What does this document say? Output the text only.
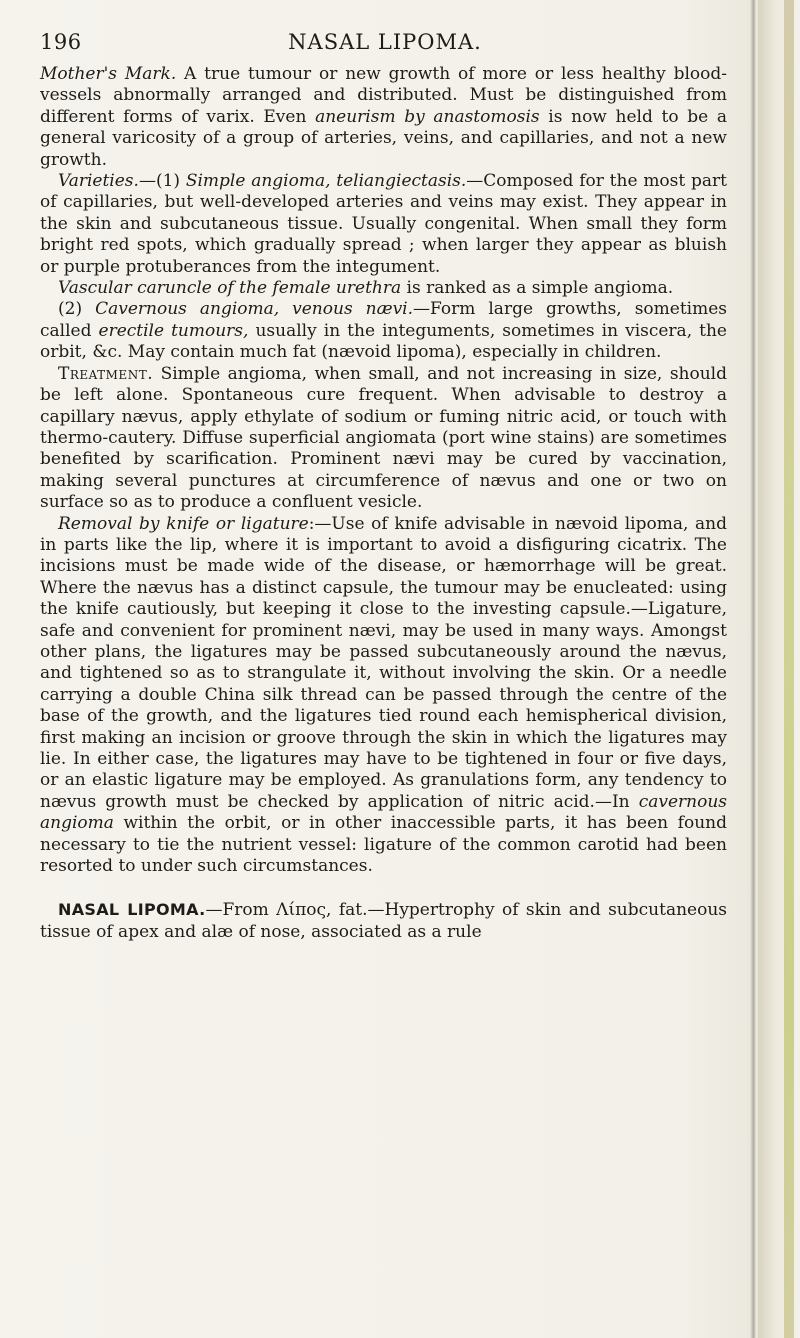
196	NASAL LIPOMA.

Mother's Mark. A true tumour or new growth of more or less healthy blood-vessels abnormally arranged and distributed. Must be distinguished from different forms of varix. Even aneurism by anastomosis is now held to be a general varicosity of a group of arteries, veins, and capillaries, and not a new growth.

Varieties.—(1) Simple angioma, teliangiectasis.—Composed for the most part of capillaries, but well-developed arteries and veins may exist. They appear in the skin and subcutaneous tissue. Usually congenital. When small they form bright red spots, which gradually spread ; when larger they appear as bluish or purple protuberances from the integument.

Vascular caruncle of the female urethra is ranked as a simple angioma.

(2) Cavernous angioma, venous nævi.—Form large growths, sometimes called erectile tumours, usually in the integuments, sometimes in viscera, the orbit, &c. May contain much fat (nævoid lipoma), especially in children.

Treatment. Simple angioma, when small, and not increasing in size, should be left alone. Spontaneous cure frequent. When advisable to destroy a capillary nævus, apply ethylate of sodium or fuming nitric acid, or touch with thermo-cautery. Diffuse superficial angiomata (port wine stains) are sometimes benefited by scarification. Prominent nævi may be cured by vaccination, making several punctures at circumference of nævus and one or two on surface so as to produce a confluent vesicle.

Removal by knife or ligature:—Use of knife advisable in nævoid lipoma, and in parts like the lip, where it is important to avoid a disfiguring cicatrix. The incisions must be made wide of the disease, or hæmorrhage will be great. Where the nævus has a distinct capsule, the tumour may be enucleated: using the knife cautiously, but keeping it close to the investing capsule.—Ligature, safe and convenient for prominent nævi, may be used in many ways. Amongst other plans, the ligatures may be passed subcutaneously around the nævus, and tightened so as to strangulate it, without involving the skin. Or a needle carrying a double China silk thread can be passed through the centre of the base of the growth, and the ligatures tied round each hemispherical division, first making an incision or groove through the skin in which the ligatures may lie. In either case, the ligatures may have to be tightened in four or five days, or an elastic ligature may be employed. As granulations form, any tendency to nævus growth must be checked by application of nitric acid.—In cavernous angioma within the orbit, or in other inaccessible parts, it has been found necessary to tie the nutrient vessel: ligature of the common carotid had been resorted to under such circumstances.

NASAL LIPOMA.—From Λίπος, fat.—Hypertrophy of skin and subcutaneous tissue of apex and alæ of nose, associated as a rule
